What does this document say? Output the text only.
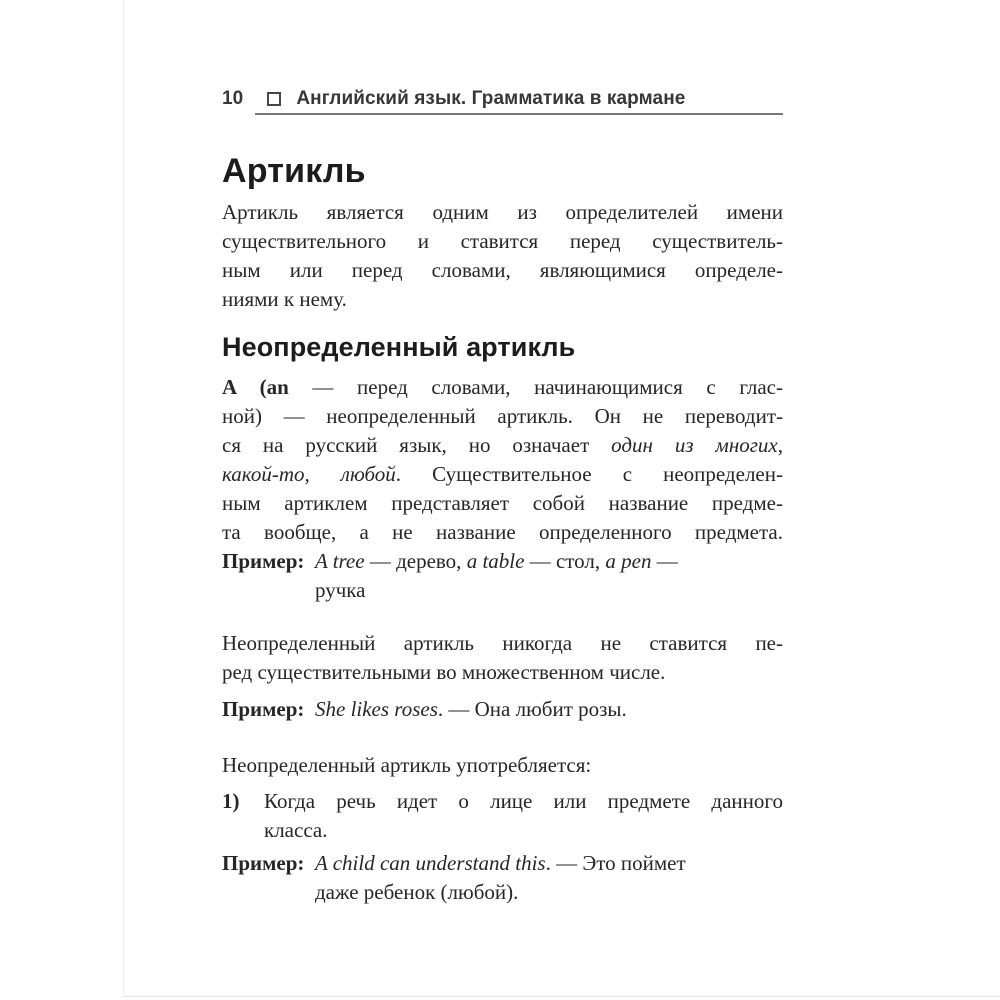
10	Английский язык. Грамматика в кармане
Артикль
Артикль является одним из определителей имени
существительного и ставится перед существитель-
ным или перед словами, являющимися определе-
ниями к нему.
Неопределенный артикль
A (an — перед словами, начинающимися с глас-
ной) — неопределенный артикль. Он не переводит-
ся на русский язык, но означает один из многих,
какой-то, любой. Существительное с неопределен-
ным артиклем представляет собой название предме-
та вообще, а не название определенного предмета.
Пример: A tree — дерево, a table — стол, a pen —
ручка
Неопределенный артикль никогда не ставится пе-
ред существительными во множественном числе.
Пример: She likes roses. — Она любит розы.
Неопределенный артикль употребляется:
1)	Когда речь идет о лице или предмете данного
класса.
Пример: A child can understand this. — Это поймет
даже ребенок (любой).
